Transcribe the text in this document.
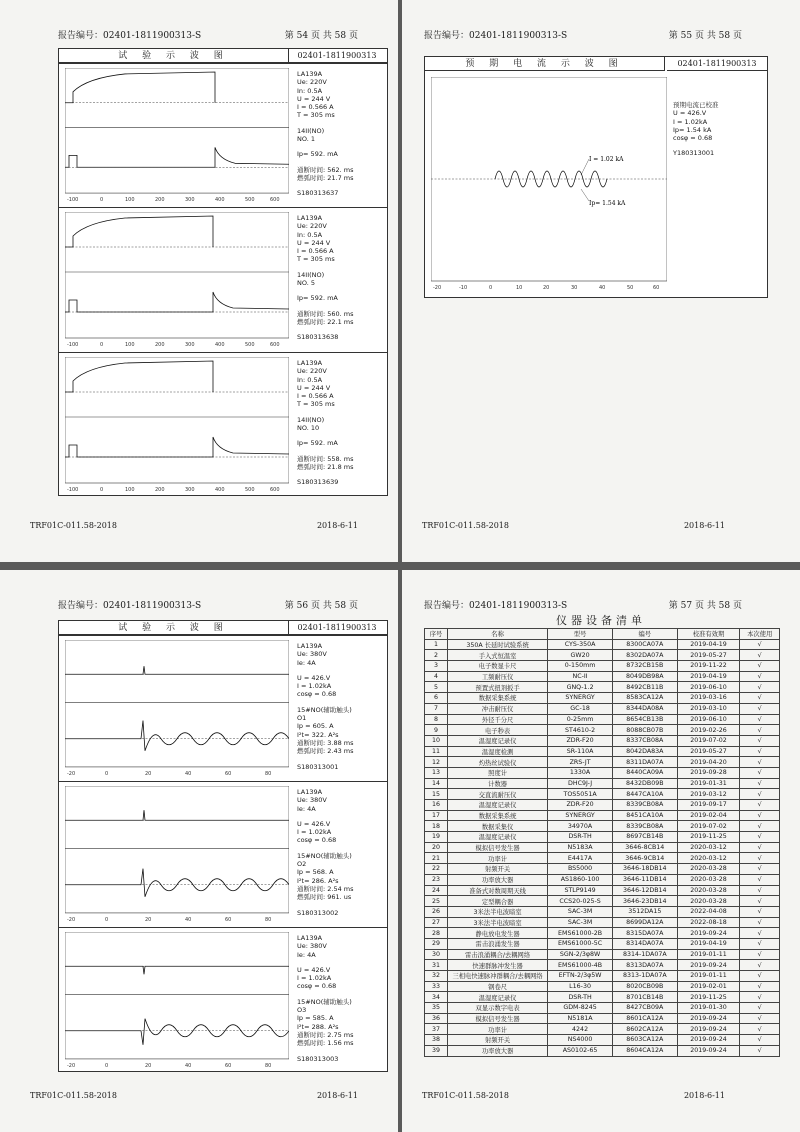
报告编号：02401-1811900313-S	第 54 页 共 58 页
试 验 示 波 图	02401-1811900313
-100	0	100	200	300	400	500	600
LA139A
Ue: 220V
In: 0.5A
U = 244 V
I = 0.566 A
T = 305 ms
14II(NO)
NO. 1
Ip= 592. mA
通断时间: 562. ms
燃弧时间: 21.7 ms
S180313637
-100	0	100	200	300	400	500	600
LA139A
Ue: 220V
In: 0.5A
U = 244 V
I = 0.566 A
T = 305 ms
14II(NO)
NO. 5
Ip= 592. mA
通断时间: 560. ms
燃弧时间: 22.1 ms
S180313638
-100	0	100	200	300	400	500	600
LA139A
Ue: 220V
In: 0.5A
U = 244 V
I = 0.566 A
T = 305 ms
14II(NO)
NO. 10
Ip= 592. mA
通断时间: 558. ms
燃弧时间: 21.8 ms
S180313639
TRF01C-011.58-2018	2018-6-11
报告编号：02401-1811900313-S	第 55 页 共 58 页
预 期 电 流 示 波 图	02401-1811900313
I = 1.02 kA
Ip= 1.54 kA
-20	-10	0	10	20	30	40	50	60
预期电流已校准
U = 426.V
I = 1.02kA
Ip= 1.54 kA
cosφ = 0.68
Y180313001
TRF01C-011.58-2018	2018-6-11
报告编号：02401-1811900313-S	第 56 页 共 58 页
试 验 示 波 图	02401-1811900313
-20	0	20	40	60	80
LA139A
Ue: 380V
Ie: 4A
U = 426.V
I = 1.02kA
cosφ = 0.68
15#NO(辅助触头)
O1
Ip = 605. A
I²t= 322. A²s
通断时间: 3.88 ms
燃弧时间: 2.43 ms
S180313001
-20	0	20	40	60	80
LA139A
Ue: 380V
Ie: 4A
U = 426.V
I = 1.02kA
cosφ = 0.68
15#NO(辅助触头)
O2
Ip = 568. A
I²t= 286. A²s
通断时间: 2.54 ms
燃弧时间: 961. us
S180313002
-20	0	20	40	60	80
LA139A
Ue: 380V
Ie: 4A
U = 426.V
I = 1.02kA
cosφ = 0.68
15#NO(辅助触头)
O3
Ip = 585. A
I²t= 288. A²s
通断时间: 2.75 ms
燃弧时间: 1.56 ms
S180313003
TRF01C-011.58-2018	2018-6-11
报告编号：02401-1811900313-S	第 57 页 共 58 页
仪器设备清单
序号	名称	型号	编号	校准有效期	本次使用
1	350A 长延时试验系统	CYS-350A	8300CA07A	2019-04-19	√
2	手入式恒温室	GW20	8302DA07A	2019-05-27	√
3	电子数显卡尺	0-150mm	8732CB15B	2019-11-22	√
4	工频耐压仪	NC-II	8049DB98A	2019-04-19	√
5	预置式扭剂扳手	GNQ-1.2	8492CB11B	2019-06-10	√
6	数据采集系统	SYNERGY	8583CA12A	2019-03-16	√
7	冲击耐压仪	GC-18	8344DA08A	2019-03-10	√
8	外径千分尺	0-25mm	8654CB13B	2019-06-10	√
9	电子秒表	ST4610-2	8088CB07B	2019-02-26	√
10	温湿度记录仪	ZDR-F20	8337CB08A	2019-07-02	√
11	温湿度检测	SR-110A	8042DA83A	2019-05-27	√
12	灼热丝试验仪	ZRS-JT	8311DA07A	2019-04-20	√
13	照度计	1330A	8440CA09A	2019-09-28	√
14	计数器	DHC9J-J	8432DB09B	2019-01-31	√
15	交直流耐压仪	TOS5051A	8447CA10A	2019-03-12	√
16	温湿度记录仪	ZDR-F20	8339CB08A	2019-09-17	√
17	数据采集系统	SYNERGY	8451CA10A	2019-02-04	√
18	数据采集仪	34970A	8339CB08A	2019-07-02	√
19	温湿度记录仪	DSR-TH	8697CB14B	2019-11-25	√
20	模拟信号发生器	N5183A	3646-8CB14	2020-03-12	√
21	功率计	E4417A	3646-9CB14	2020-03-12	√
22	射频开关	BS5000	3646-18DB14	2020-03-28	√
23	功率放大器	AS1860-100	3646-11DB14	2020-03-28	√
24	准备式对数周期天线	STLP9149	3646-12DB14	2020-03-28	√
25	定型耦合器	CCS20-025-S	3646-23DB14	2020-03-28	√
26	3米法半电波暗室	SAC-3M	3512DA15	2022-04-08	√
27	3米法半电波暗室	SAC-3M	8699DA12A	2022-08-18	√
28	静电放电发生器	EMS61000-2B	8315DA07A	2019-09-24	√
29	雷击浪涌发生器	EMS61000-5C	8314DA07A	2019-04-19	√
30	雷击浪涌耦合/去耦网络	SGN-2/3φ8W	8314-1DA07A	2019-01-11	√
31	快速群脉冲发生器	EMS61000-4B	8313DA07A	2019-09-24	√
32	三相电快速脉冲群耦合/去耦网络	EFTN-2/3φ5W	8313-1DA07A	2019-01-11	√
33	钢卷尺	L16-30	8020CB09B	2019-02-01	√
34	温湿度记录仪	DSR-TH	8701CB14B	2019-11-25	√
35	双显示数字电表	GDM-8245	8427CB09A	2019-01-30	√
36	模拟信号发生器	N5181A	8601CA12A	2019-09-24	√
37	功率计	4242	8602CA12A	2019-09-24	√
38	射频开关	NS4000	8603CA12A	2019-09-24	√
39	功率放大器	AS0102-65	8604CA12A	2019-09-24	√
TRF01C-011.58-2018	2018-6-11
